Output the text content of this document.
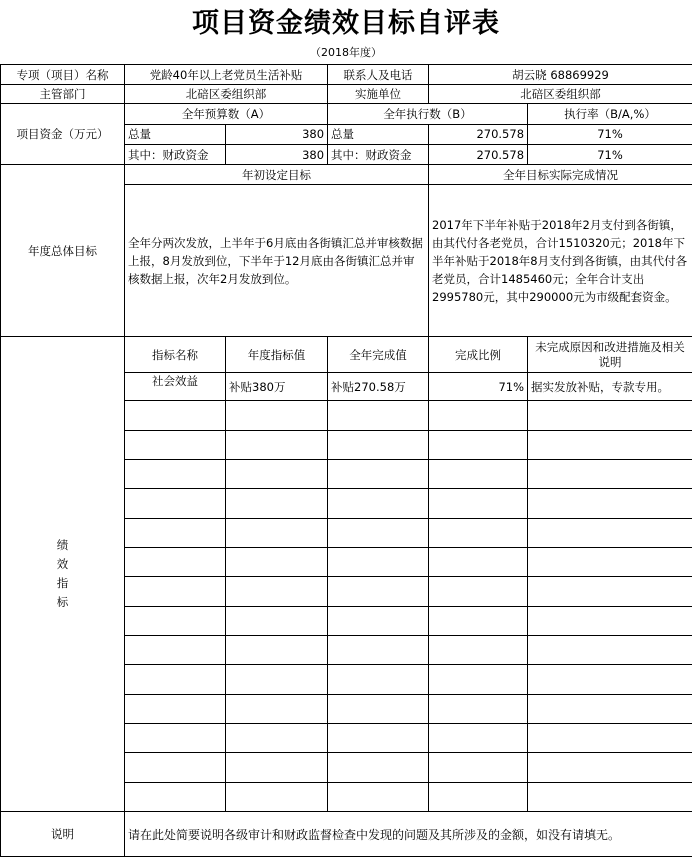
项目资金绩效目标自评表
（2018年度）
专项（项目）名称	党龄40年以上老党员生活补贴		联系人及电话	胡云晓 68869929	
主管部门	北碚区委组织部		实施单位	北碚区委组织部	
项目资金（万元）	全年预算数（A）		全年执行数（B）		执行率（B/A,%）
	总量	380	总量	270.578	71%
	其中：财政资金	380	其中：财政资金	270.578	71%
年度总体目标	年初设定目标			全年目标实际完成情况	
	全年分两次发放，上半年于6月底由各街镇汇总并审核数据上报，8月发放到位，下半年于12月底由各街镇汇总并审核数据上报，次年2月发放到位。			2017年下半年补贴于2018年2月支付到各街镇，由其代付各老党员，合计1510320元；2018年下半年补贴于2018年8月支付到各街镇，由其代付各老党员，合计1485460元；全年合计支出2995780元，其中290000元为市级配套资金。	
绩
效
指
标	指标名称	年度指标值	全年完成值	完成比例	未完成原因和改进措施及相关说明
	社会效益	补贴380万	补贴270.58万	71%	据实发放补贴，专款专用。

说明	请在此处简要说明各级审计和财政监督检查中发现的问题及其所涉及的金额，如没有请填无。				
